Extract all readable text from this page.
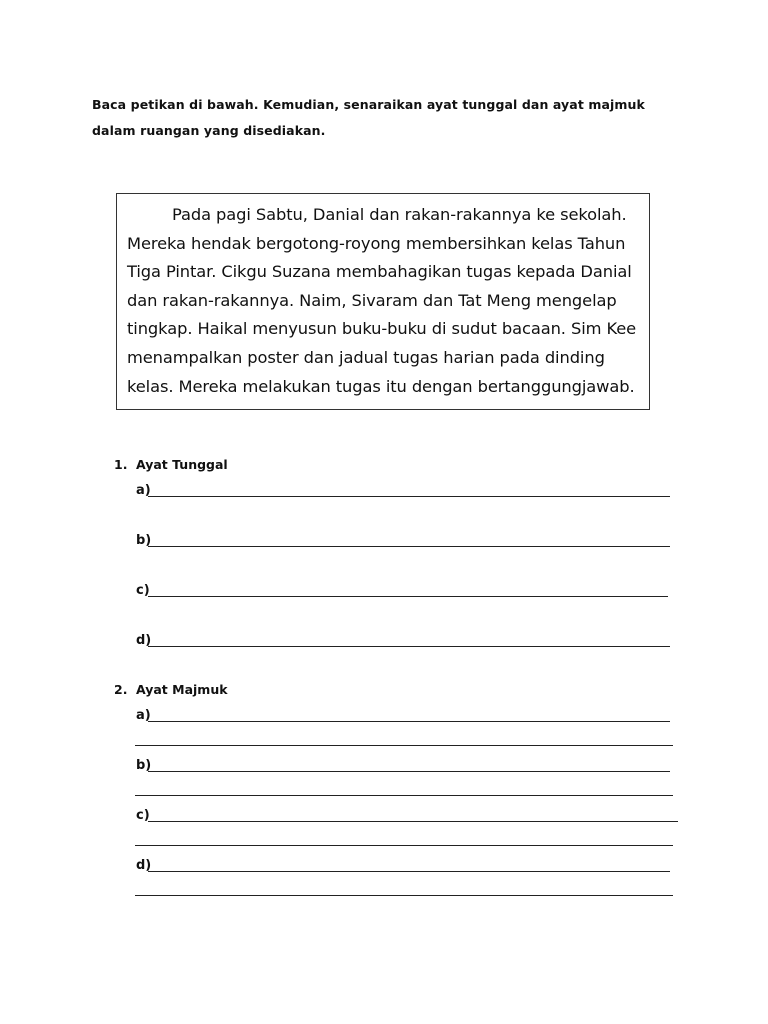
Baca petikan di bawah. Kemudian, senaraikan ayat tunggal dan ayat majmuk
dalam ruangan yang disediakan.
Pada pagi Sabtu, Danial dan rakan-rakannya ke sekolah.
Mereka hendak bergotong-royong membersihkan kelas Tahun
Tiga Pintar. Cikgu Suzana membahagikan tugas kepada Danial
dan rakan-rakannya. Naim, Sivaram dan Tat Meng mengelap
tingkap. Haikal menyusun buku-buku di sudut bacaan. Sim Kee
menampalkan poster dan jadual tugas harian pada dinding
kelas. Mereka melakukan tugas itu dengan bertanggungjawab.
1. Ayat Tunggal
a)
b)
c)
d)
2. Ayat Majmuk
a)
b)
c)
d)
